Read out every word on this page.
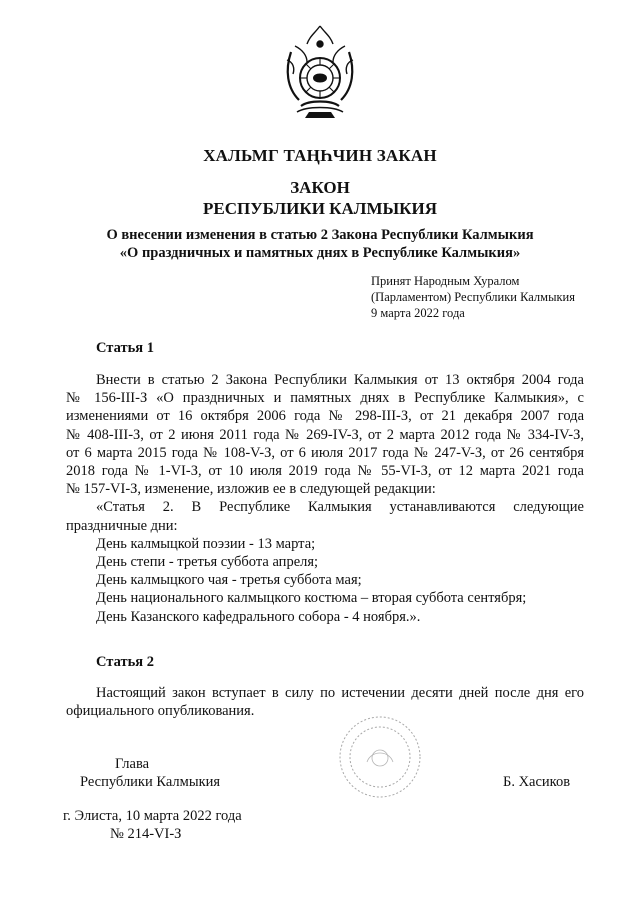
ХАЛЬМГ ТАҢҺЧИН ЗАКАН
ЗАКОН
РЕСПУБЛИКИ КАЛМЫКИЯ
О внесении изменения в статью 2 Закона Республики Калмыкия
«О праздничных и памятных днях в Республике Калмыкия»
Принят Народным Хуралом
(Парламентом) Республики Калмыкия
9 марта 2022 года
Статья 1
Внести в статью 2 Закона Республики Калмыкия от 13 октября 2004 года
№ 156-III-З «О праздничных и памятных днях в Республике Калмыкия», с
изменениями от 16 октября 2006 года № 298-III-З, от 21 декабря 2007 года
№ 408-III-З, от 2 июня 2011 года № 269-IV-З, от 2 марта 2012 года № 334-IV-З,
от 6 марта 2015 года № 108-V-З, от 6 июля 2017 года № 247-V-З, от 26 сентября
2018 года № 1-VI-З, от 10 июля 2019 года № 55-VI-З, от 12 марта 2021 года
№ 157-VI-З, изменение, изложив ее в следующей редакции:
«Статья 2. В Республике Калмыкия устанавливаются следующие
праздничные дни:
День калмыцкой поэзии - 13 марта;
День степи - третья суббота апреля;
День калмыцкого чая - третья суббота мая;
День национального калмыцкого костюма – вторая суббота сентября;
День Казанского кафедрального собора - 4 ноября.».
Статья 2
Настоящий закон вступает в силу по истечении десяти дней после дня его
официального опубликования.
Глава
Республики Калмыкия	Б. Хасиков
г. Элиста, 10 марта 2022 года
№ 214-VI-З
